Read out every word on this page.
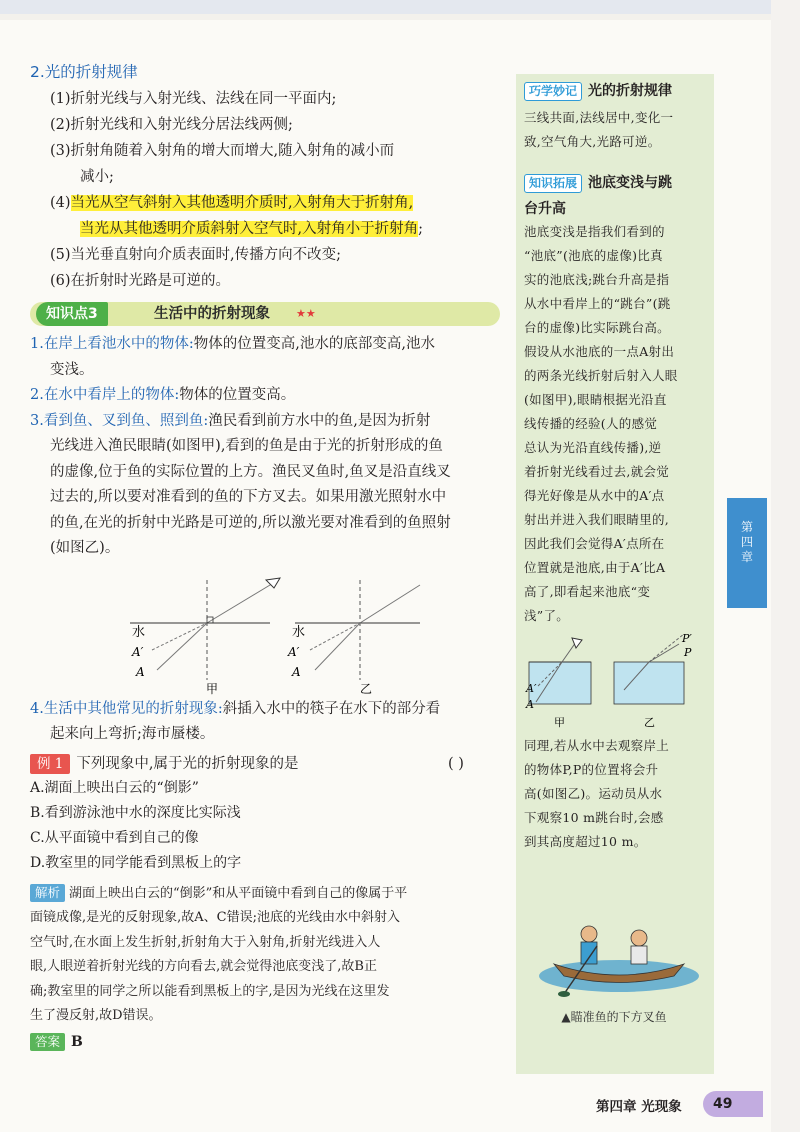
2.光的折射规律
(1)折射光线与入射光线、法线在同一平面内;
(2)折射光线和入射光线分居法线两侧;
(3)折射角随着入射角的增大而增大,随入射角的减小而
减小;
(4)当光从空气斜射入其他透明介质时,入射角大于折射角,
当光从其他透明介质斜射入空气时,入射角小于折射角;
(5)当光垂直射向介质表面时,传播方向不改变;
(6)在折射时光路是可逆的。
知识点3	生活中的折射现象 ★★
1.在岸上看池水中的物体:物体的位置变高,池水的底部变高,池水
变浅。
2.在水中看岸上的物体:物体的位置变高。
3.看到鱼、叉到鱼、照到鱼:渔民看到前方水中的鱼,是因为折射
光线进入渔民眼睛(如图甲),看到的鱼是由于光的折射形成的鱼
的虚像,位于鱼的实际位置的上方。渔民叉鱼时,鱼叉是沿直线叉
过去的,所以要对准看到的鱼的下方叉去。如果用激光照射水中
的鱼,在光的折射中光路是可逆的,所以激光要对准看到的鱼照射
(如图乙)。
水
A′
A
甲
水
A′
A
乙
4.生活中其他常见的折射现象:斜插入水中的筷子在水下的部分看
起来向上弯折;海市蜃楼。
例 1 下列现象中,属于光的折射现象的是	( )
A.湖面上映出白云的“倒影”
B.看到游泳池中水的深度比实际浅
C.从平面镜中看到自己的像
D.教室里的同学能看到黑板上的字
解析 湖面上映出白云的“倒影”和从平面镜中看到自己的像属于平
面镜成像,是光的反射现象,故A、C错误;池底的光线由水中斜射入
空气时,在水面上发生折射,折射角大于入射角,折射光线进入人
眼,人眼逆着折射光线的方向看去,就会觉得池底变浅了,故B正
确;教室里的同学之所以能看到黑板上的字,是因为光线在这里发
生了漫反射,故D错误。
答案 B
巧学妙记 光的折射规律
三线共面,法线居中,变化一
致,空气角大,光路可逆。
知识拓展 池底变浅与跳
台升高
池底变浅是指我们看到的
“池底”(池底的虚像)比真
实的池底浅;跳台升高是指
从水中看岸上的“跳台”(跳
台的虚像)比实际跳台高。
假设从水池底的一点A射出
的两条光线折射后射入人眼
(如图甲),眼睛根据光沿直
线传播的经验(人的感觉
总认为光沿直线传播),逆
着折射光线看过去,就会觉
得光好像是从水中的A′点
射出并进入我们眼睛里的,
因此我们会觉得A′点所在
位置就是池底,由于A′比A
高了,即看起来池底“变
浅”了。
A′
A
甲
P′
P
乙
同理,若从水中去观察岸上
的物体P,P的位置将会升
高(如图乙)。运动员从水
下观察10 m跳台时,会感
到其高度超过10 m。
▲瞄准鱼的下方叉鱼
第
四
章
第四章 光现象	49
